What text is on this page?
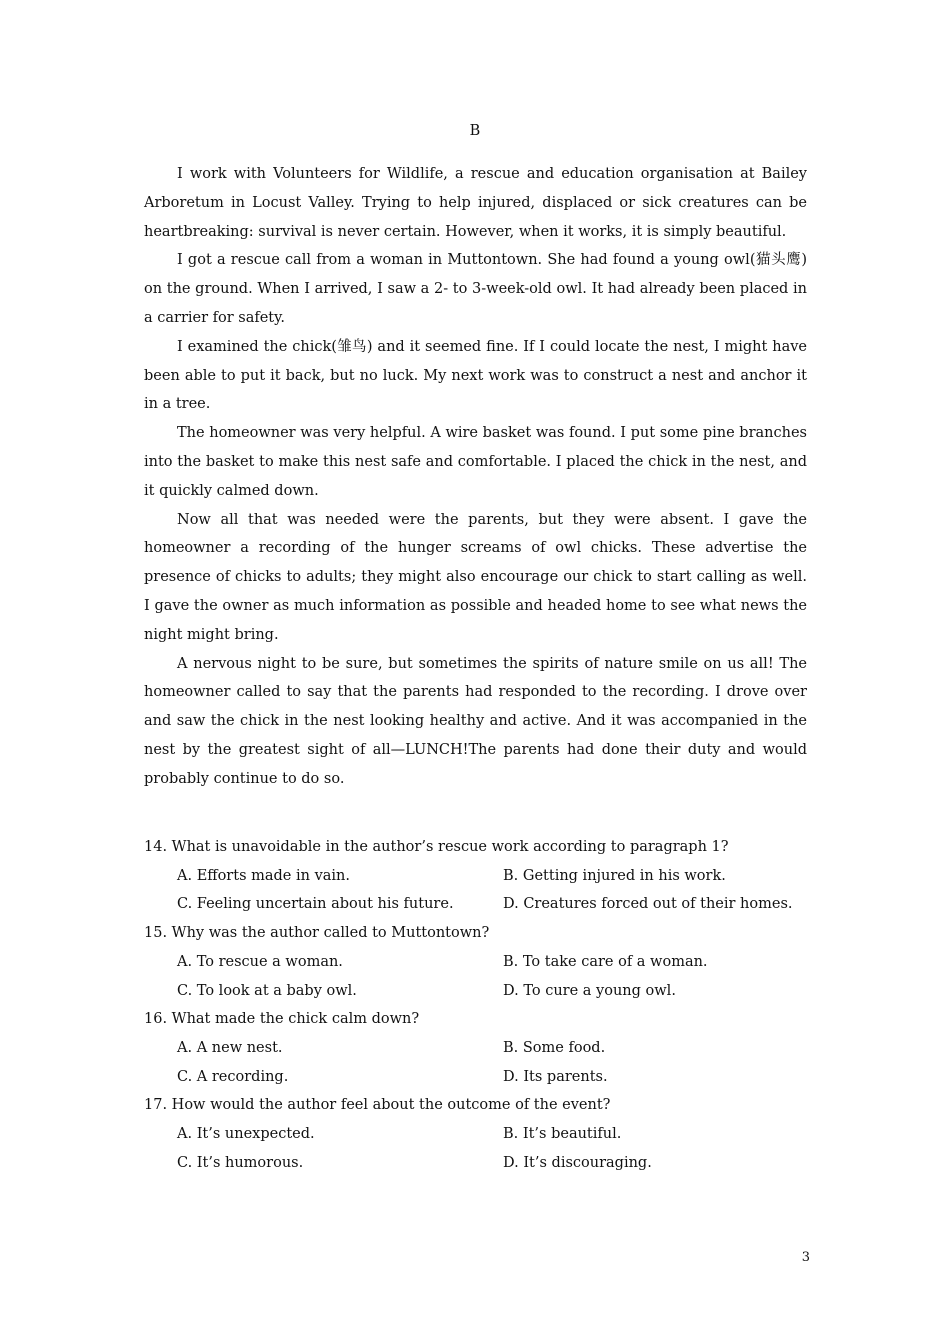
B

I work with Volunteers for Wildlife, a rescue and education organisation at Bailey Arboretum in Locust Valley. Trying to help injured, displaced or sick creatures can be heartbreaking: survival is never certain. However, when it works, it is simply beautiful.

I got a rescue call from a woman in Muttontown. She had found a young owl(猫头鹰) on the ground. When I arrived, I saw a 2- to 3-week-old owl. It had already been placed in a carrier for safety.

I examined the chick(雏鸟) and it seemed fine. If I could locate the nest, I might have been able to put it back, but no luck. My next work was to construct a nest and anchor it in a tree.

The homeowner was very helpful. A wire basket was found. I put some pine branches into the basket to make this nest safe and comfortable. I placed the chick in the nest, and it quickly calmed down.

Now all that was needed were the parents, but they were absent. I gave the homeowner a recording of the hunger screams of owl chicks. These advertise the presence of chicks to adults; they might also encourage our chick to start calling as well. I gave the owner as much information as possible and headed home to see what news the night might bring.

A nervous night to be sure, but sometimes the spirits of nature smile on us all! The homeowner called to say that the parents had responded to the recording. I drove over and saw the chick in the nest looking healthy and active. And it was accompanied in the nest by the greatest sight of all—LUNCH!The parents had done their duty and would probably continue to do so.

14. What is unavoidable in the author’s rescue work according to paragraph 1?
A. Efforts made in vain.	B. Getting injured in his work.
C. Feeling uncertain about his future.	D. Creatures forced out of their homes.
15. Why was the author called to Muttontown?
A. To rescue a woman.	B. To take care of a woman.
C. To look at a baby owl.	D. To cure a young owl.
16. What made the chick calm down?
A. A new nest.	B. Some food.
C. A recording.	D. Its parents.
17. How would the author feel about the outcome of the event?
A. It’s unexpected.	B. It’s beautiful.
C. It’s humorous.	D. It’s discouraging.
3
